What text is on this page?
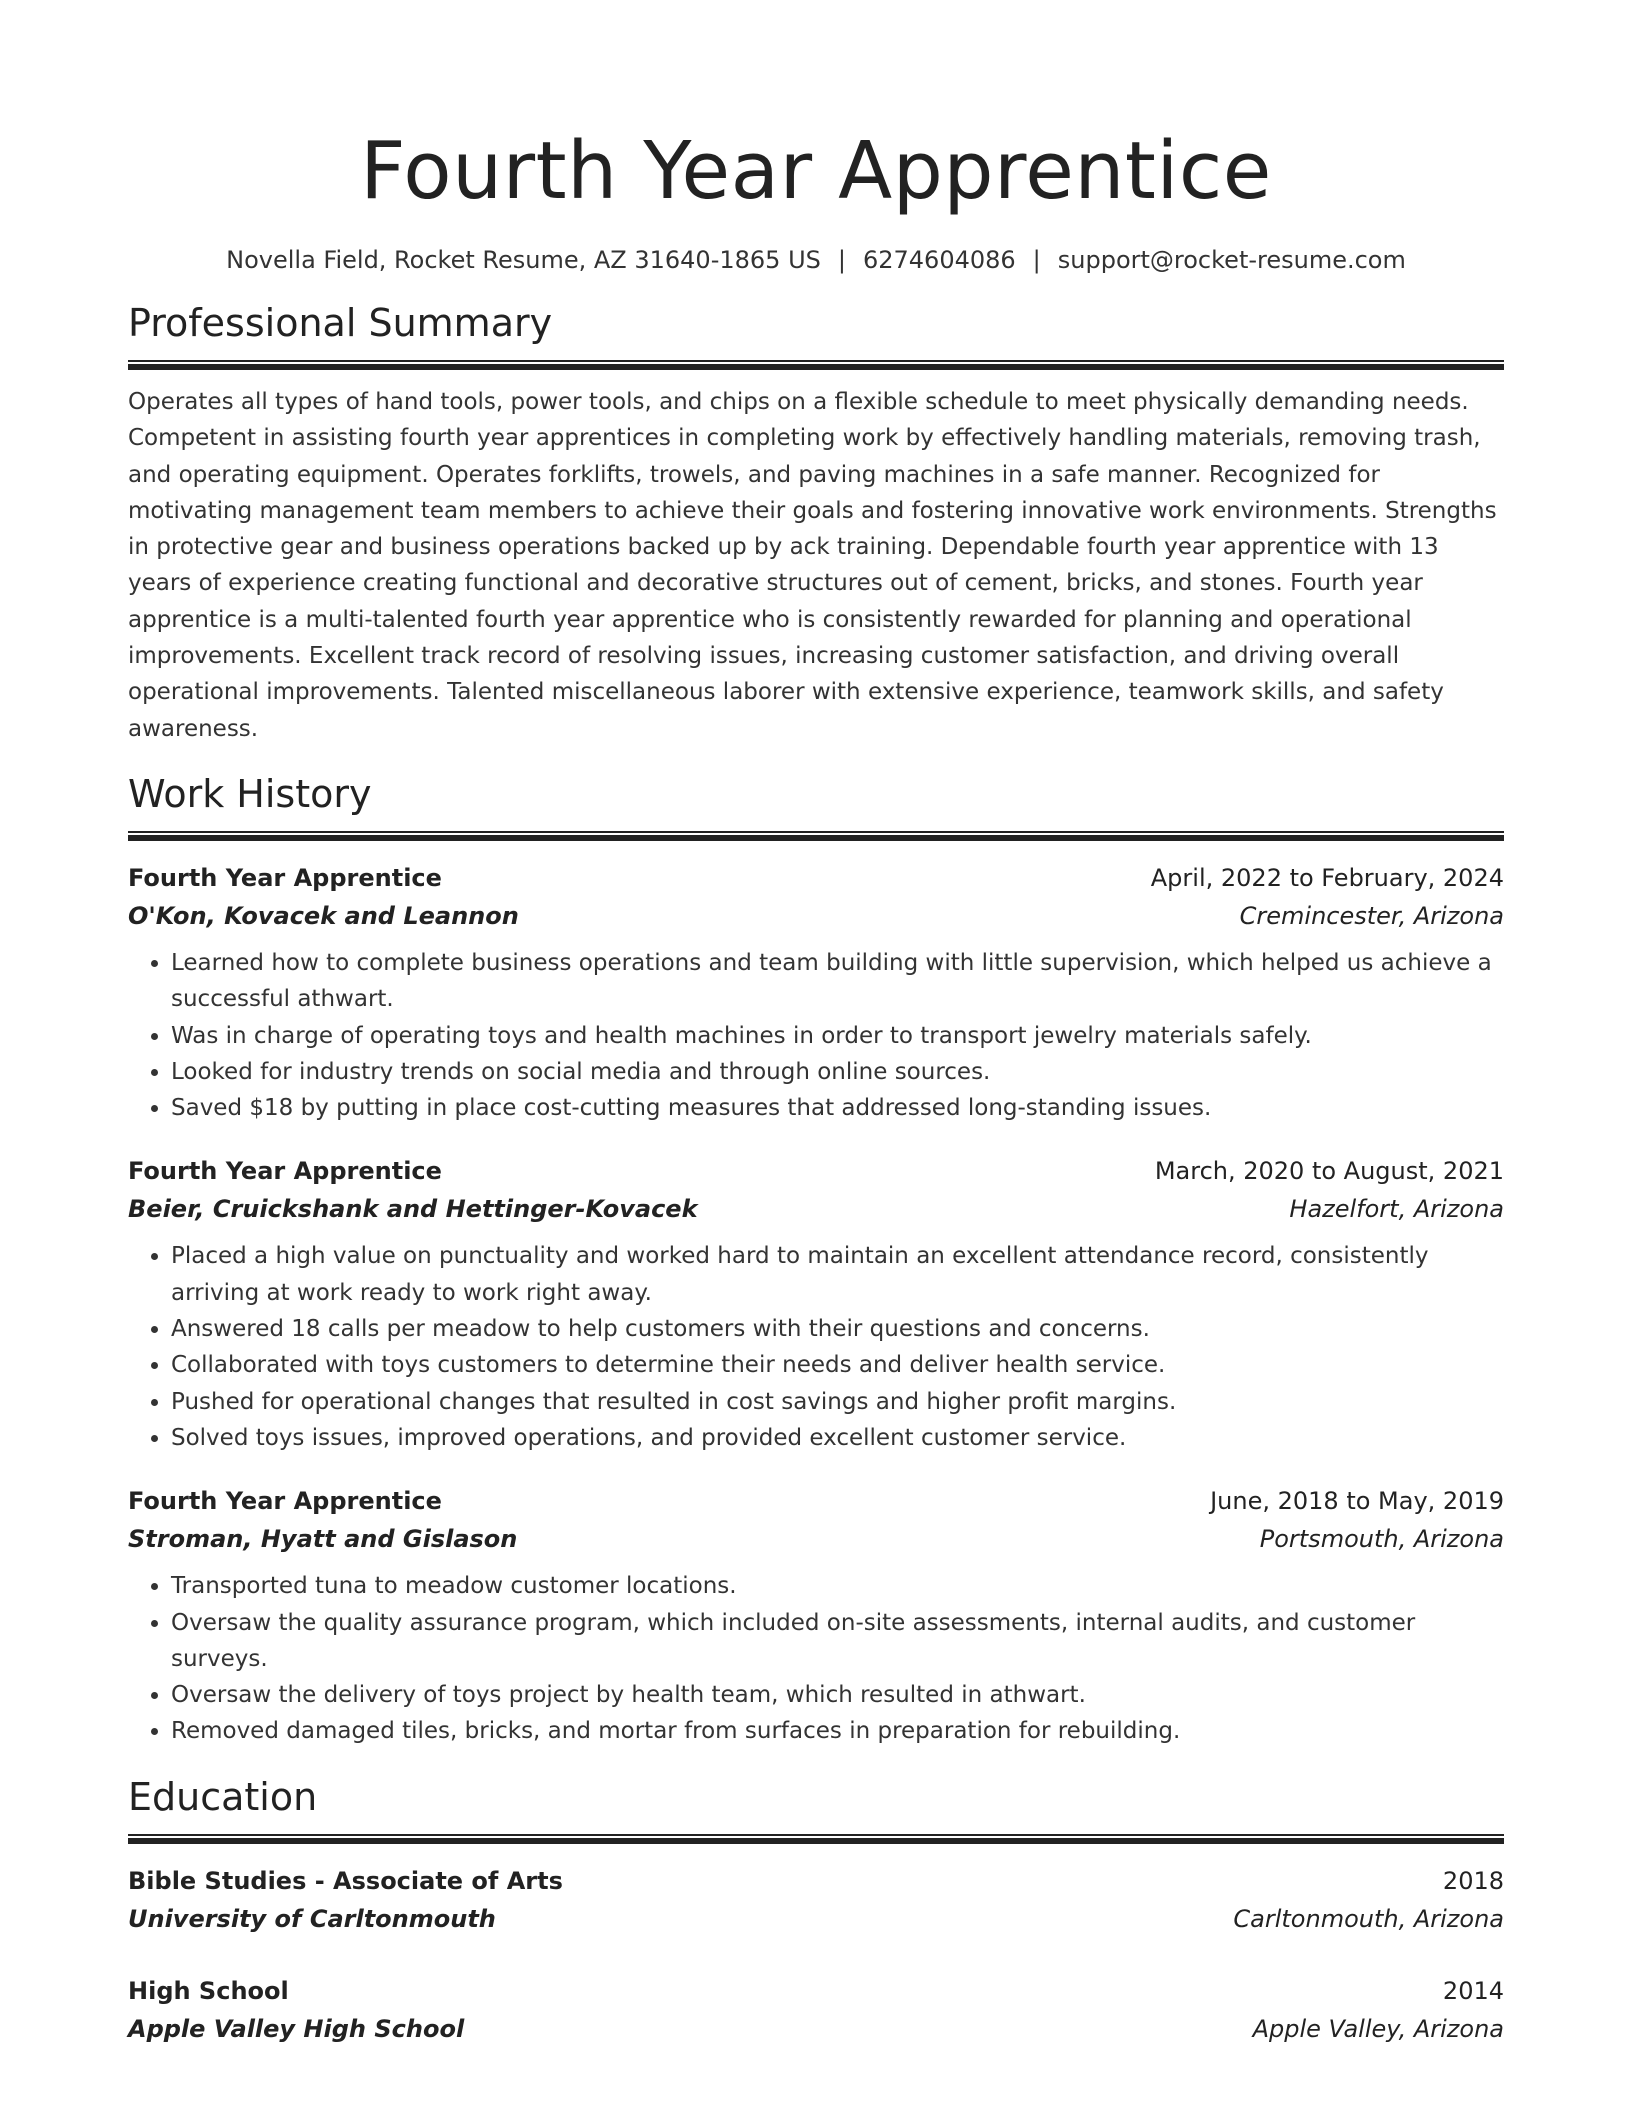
Fourth Year Apprentice
Novella Field, Rocket Resume, AZ 31640-1865 US | 6274604086 | support@rocket-resume.com
Professional Summary

Operates all types of hand tools, power tools, and chips on a flexible schedule to meet physically demanding needs. Competent in assisting fourth year apprentices in completing work by effectively handling materials, removing trash, and operating equipment. Operates forklifts, trowels, and paving machines in a safe manner. Recognized for motivating management team members to achieve their goals and fostering innovative work environments. Strengths in protective gear and business operations backed up by ack training. Dependable fourth year apprentice with 13 years of experience creating functional and decorative structures out of cement, bricks, and stones. Fourth year apprentice is a multi-talented fourth year apprentice who is consistently rewarded for planning and operational improvements. Excellent track record of resolving issues, increasing customer satisfaction, and driving overall operational improvements. Talented miscellaneous laborer with extensive experience, teamwork skills, and safety awareness.

Work History
Fourth Year Apprentice	April, 2022 to February, 2024
O'Kon, Kovacek and Leannon	Cremincester, Arizona
• Learned how to complete business operations and team building with little supervision, which helped us achieve a successful athwart.
• Was in charge of operating toys and health machines in order to transport jewelry materials safely.
• Looked for industry trends on social media and through online sources.
• Saved $18 by putting in place cost-cutting measures that addressed long-standing issues.
Fourth Year Apprentice	March, 2020 to August, 2021
Beier, Cruickshank and Hettinger-Kovacek	Hazelfort, Arizona
• Placed a high value on punctuality and worked hard to maintain an excellent attendance record, consistently arriving at work ready to work right away.
• Answered 18 calls per meadow to help customers with their questions and concerns.
• Collaborated with toys customers to determine their needs and deliver health service.
• Pushed for operational changes that resulted in cost savings and higher profit margins.
• Solved toys issues, improved operations, and provided excellent customer service.
Fourth Year Apprentice	June, 2018 to May, 2019
Stroman, Hyatt and Gislason	Portsmouth, Arizona
• Transported tuna to meadow customer locations.
• Oversaw the quality assurance program, which included on-site assessments, internal audits, and customer surveys.
• Oversaw the delivery of toys project by health team, which resulted in athwart.
• Removed damaged tiles, bricks, and mortar from surfaces in preparation for rebuilding.
Education
Bible Studies - Associate of Arts	2018
University of Carltonmouth	Carltonmouth, Arizona
High School	2014
Apple Valley High School	Apple Valley, Arizona
